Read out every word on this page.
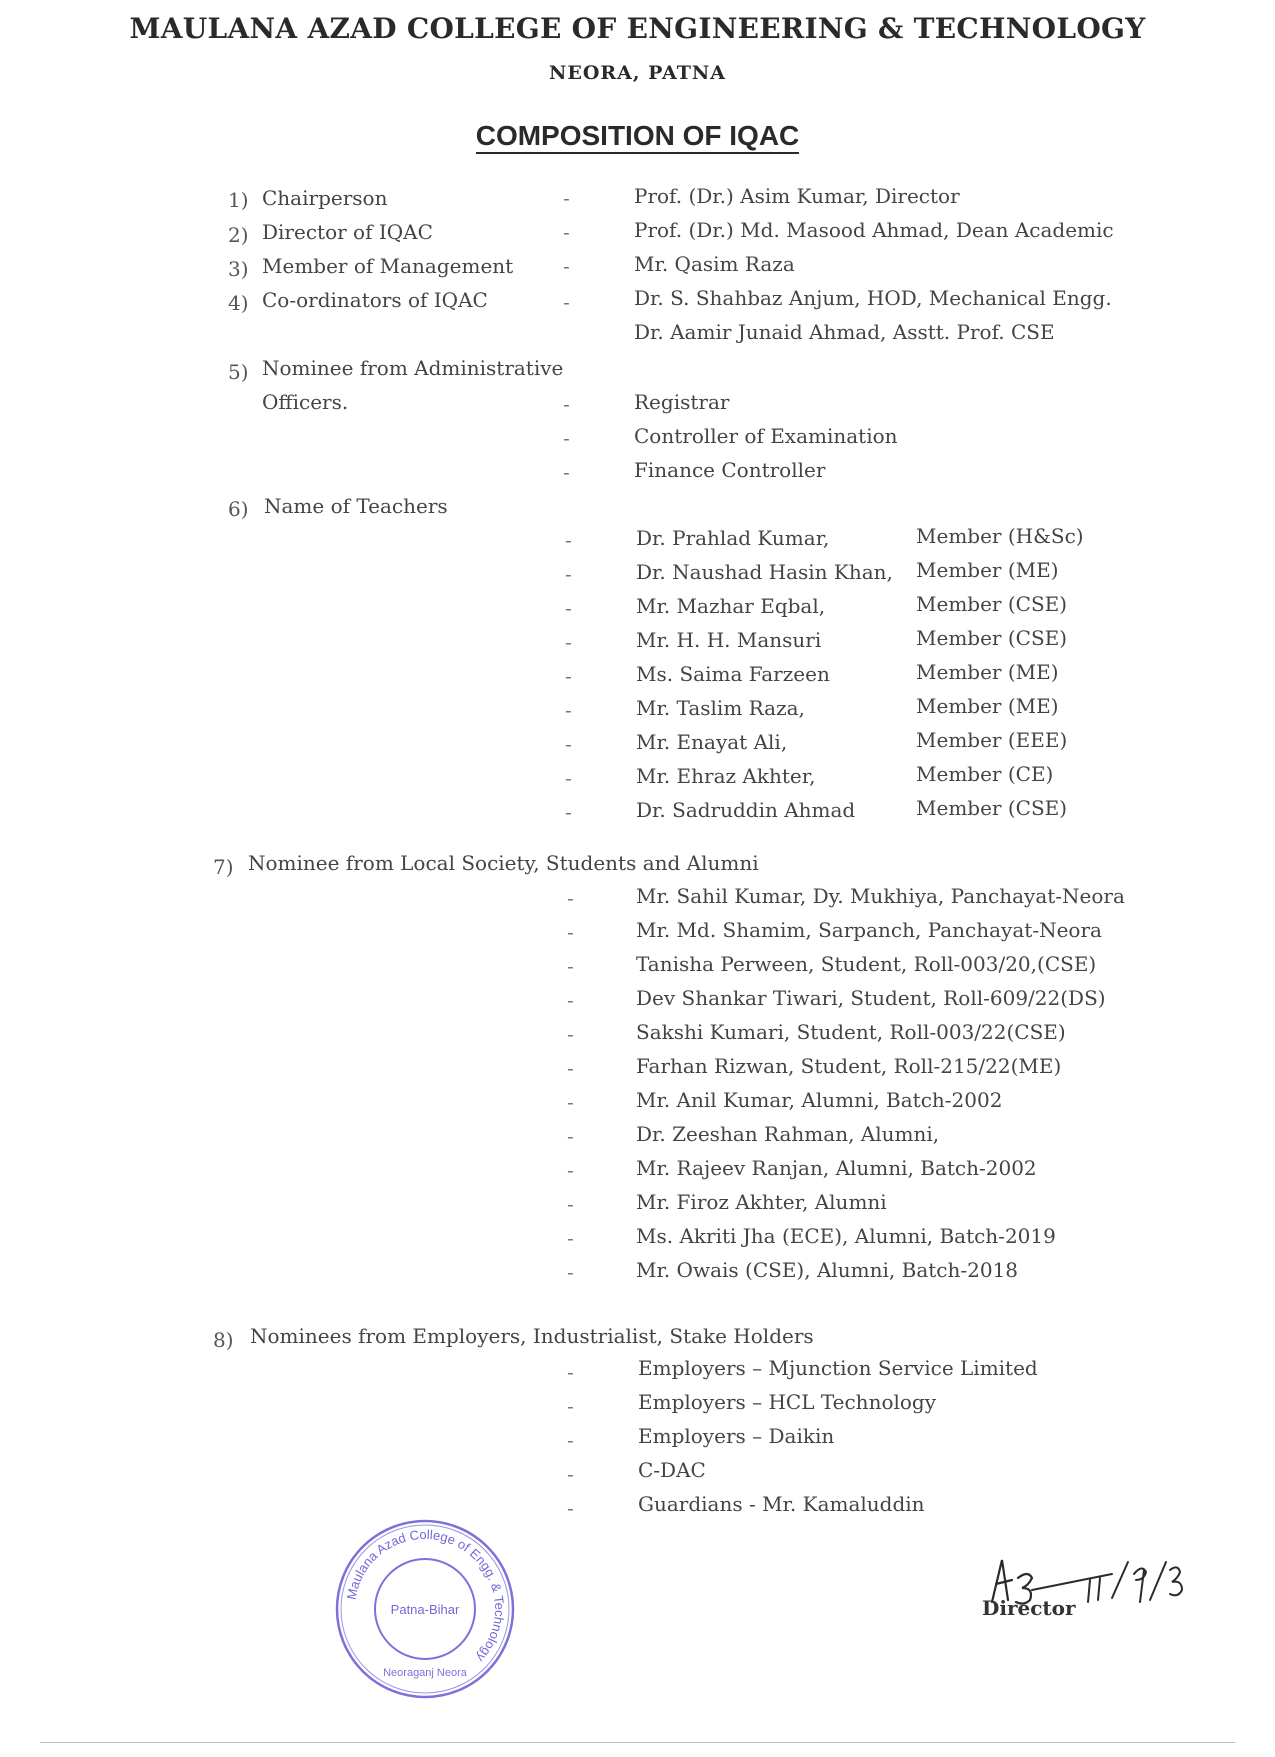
MAULANA AZAD COLLEGE OF ENGINEERING & TECHNOLOGY
NEORA, PATNA
COMPOSITION OF IQAC
1) Chairperson	-	Prof. (Dr.) Asim Kumar, Director
2) Director of IQAC	-	Prof. (Dr.) Md. Masood Ahmad, Dean Academic
3) Member of Management -	Mr. Qasim Raza
4) Co-ordinators of IQAC	-	Dr. S. Shahbaz Anjum, HOD, Mechanical Engg.
Dr. Aamir Junaid Ahmad, Asstt. Prof. CSE
5) Nominee from Administrative
Officers.	-	Registrar
-	Controller of Examination
-	Finance Controller
6) Name of Teachers
-	Dr. Prahlad Kumar,	Member (H&Sc)
-	Dr. Naushad Hasin Khan, Member (ME)
-	Mr. Mazhar Eqbal,	Member (CSE)
-	Mr. H. H. Mansuri	Member (CSE)
-	Ms. Saima Farzeen	Member (ME)
-	Mr. Taslim Raza,	Member (ME)
-	Mr. Enayat Ali,	Member (EEE)
-	Mr. Ehraz Akhter,	Member (CE)
-	Dr. Sadruddin Ahmad	Member (CSE)
7) Nominee from Local Society, Students and Alumni
-	Mr. Sahil Kumar, Dy. Mukhiya, Panchayat-Neora
-	Mr. Md. Shamim, Sarpanch, Panchayat-Neora
-	Tanisha Perween, Student, Roll-003/20,(CSE)
-	Dev Shankar Tiwari, Student, Roll-609/22(DS)
-	Sakshi Kumari, Student, Roll-003/22(CSE)
-	Farhan Rizwan, Student, Roll-215/22(ME)
-	Mr. Anil Kumar, Alumni, Batch-2002
-	Dr. Zeeshan Rahman, Alumni,
-	Mr. Rajeev Ranjan, Alumni, Batch-2002
-	Mr. Firoz Akhter, Alumni
-	Ms. Akriti Jha (ECE), Alumni, Batch-2019
-	Mr. Owais (CSE), Alumni, Batch-2018
8) Nominees from Employers, Industrialist, Stake Holders
-	Employers – Mjunction Service Limited
-	Employers – HCL Technology
-	Employers – Daikin
-	C-DAC
-	Guardians - Mr. Kamaluddin
Maulana Azad College of Engg. & Technology
Patna-Bihar
Neoraganj Neora
Director
